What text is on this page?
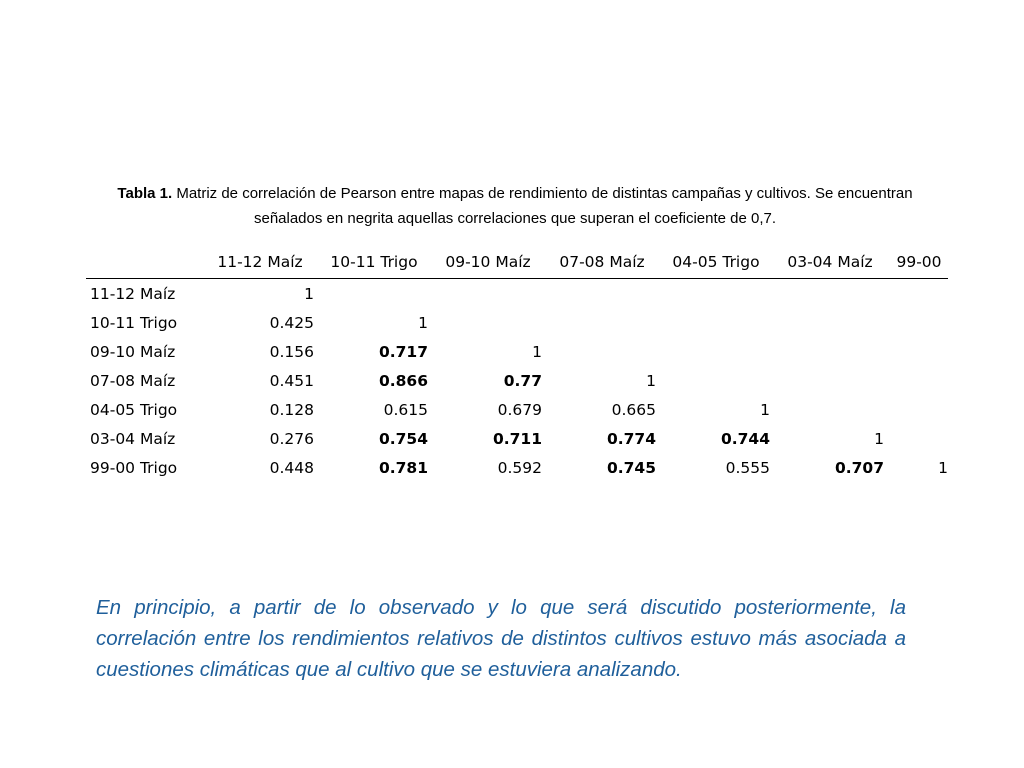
Tabla 1. Matriz de correlación de Pearson entre mapas de rendimiento de distintas campañas y cultivos. Se encuentran señalados en negrita aquellas correlaciones que superan el coeficiente de 0,7.
	11-12 Maíz	10-11 Trigo	09-10 Maíz	07-08 Maíz	04-05 Trigo	03-04 Maíz	99-00
11-12 Maíz	1						
10-11 Trigo	0.425	1					
09-10 Maíz	0.156	0.717	1				
07-08 Maíz	0.451	0.866	0.77	1			
04-05 Trigo	0.128	0.615	0.679	0.665	1		
03-04 Maíz	0.276	0.754	0.711	0.774	0.744	1	
99-00 Trigo	0.448	0.781	0.592	0.745	0.555	0.707	1
En principio, a partir de lo observado y lo que será discutido posteriormente, la correlación entre los rendimientos relativos de distintos cultivos estuvo más asociada a cuestiones climáticas que al cultivo que se estuviera analizando.
